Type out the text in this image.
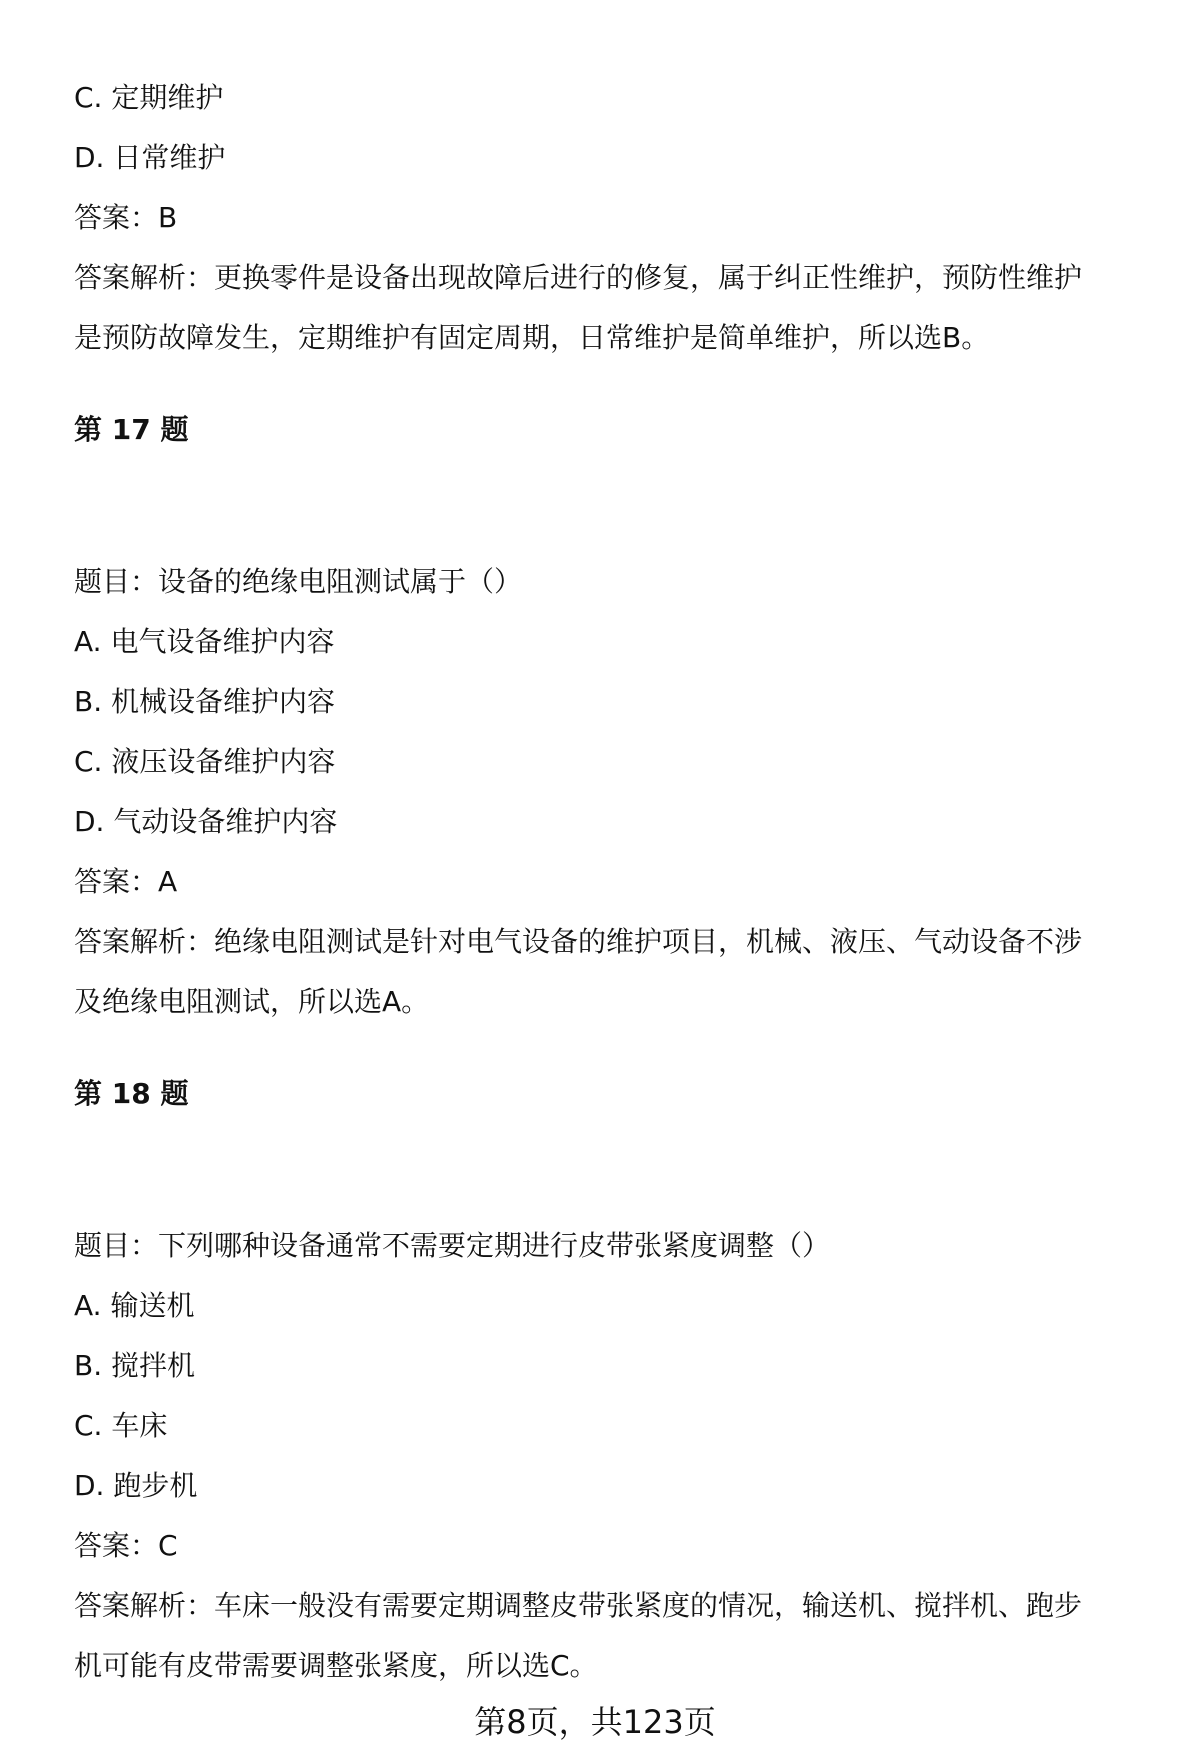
C. 定期维护
D. 日常维护
答案：B
答案解析：更换零件是设备出现故障后进行的修复，属于纠正性维护，预防性维护
是预防故障发生，定期维护有固定周期，日常维护是简单维护，所以选B。
第 17 题
题目：设备的绝缘电阻测试属于（）
A. 电气设备维护内容
B. 机械设备维护内容
C. 液压设备维护内容
D. 气动设备维护内容
答案：A
答案解析：绝缘电阻测试是针对电气设备的维护项目，机械、液压、气动设备不涉
及绝缘电阻测试，所以选A。
第 18 题
题目：下列哪种设备通常不需要定期进行皮带张紧度调整（）
A. 输送机
B. 搅拌机
C. 车床
D. 跑步机
答案：C
答案解析：车床一般没有需要定期调整皮带张紧度的情况，输送机、搅拌机、跑步
机可能有皮带需要调整张紧度，所以选C。
第8页，共123页
